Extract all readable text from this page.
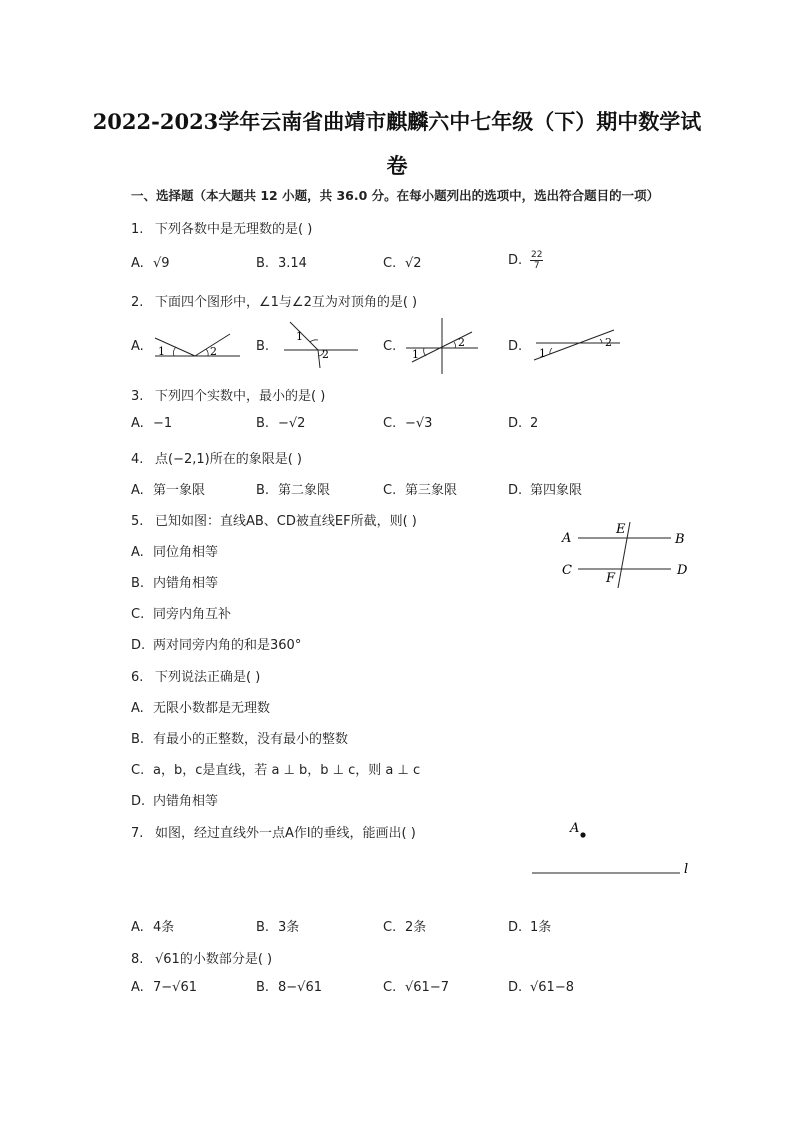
2022-2023学年云南省曲靖市麒麟六中七年级（下）期中数学试
卷
一、选择题（本大题共 12 小题，共 36.0 分。在每小题列出的选项中，选出符合题目的一项）
1. 下列各数中是无理数的是( )
A. √9	B. 3.14	C. √2	D. $\frac{22}{7}$
2. 下面四个图形中，∠1与∠2互为对顶角的是( )
A.	B.	C.	D.
1	2
1
2	1
2
1
2
3. 下列四个实数中，最小的是( )
A. −1	B. −√2	C. −√3	D. 2
4. 点(−2,1)所在的象限是( )
A. 第一象限	B. 第二象限	C. 第三象限	D. 第四象限
5. 已知如图：直线AB、CD被直线EF所截，则( )
A. 同位角相等
B. 内错角相等
C. 同旁内角互补
D. 两对同旁内角的和是360°
A
E
B
C
F
D
6. 下列说法正确是( )
A. 无限小数都是无理数
B. 有最小的正整数，没有最小的整数
C. a，b，c是直线，若 a ⊥ b，b ⊥ c，则 a ⊥ c
D. 内错角相等
7. 如图，经过直线外一点A作l的垂线，能画出( )	A
l
A. 4条	B. 3条	C. 2条	D. 1条
8. √61的小数部分是( )
A. 7−√61	B. 8−√61	C. √61−7	D. √61−8
